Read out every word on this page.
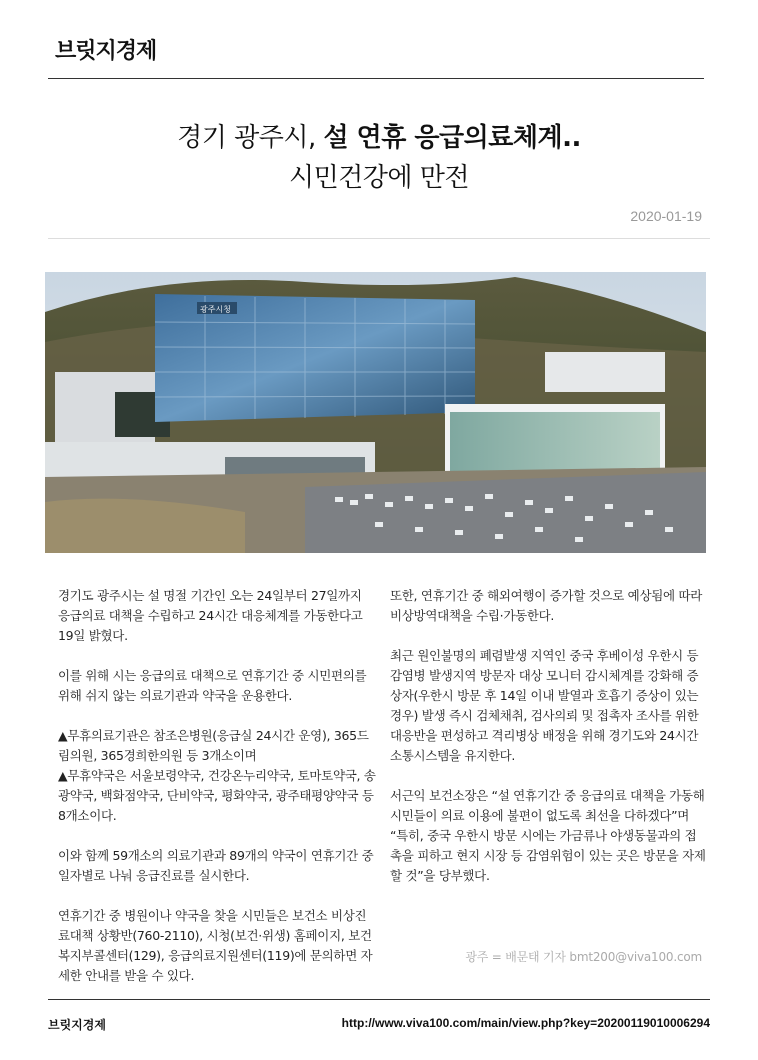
브릿지경제
경기 광주시, 설 연휴 응급의료체계..
시민건강에 만전
2020-01-19
광주시청

경기도 광주시는 설 명절 기간인 오는 24일부터 27일까지 응급의료 대책을 수립하고 24시간 대응체계를 가동한다고 19일 밝혔다.

이를 위해 시는 응급의료 대책으로 연휴기간 중 시민편의를 위해 쉬지 않는 의료기관과 약국을 운용한다.

▲무휴의료기관은 참조은병원(응급실 24시간 운영), 365드림의원, 365경희한의원 등 3개소이며

▲무휴약국은 서울보령약국, 건강온누리약국, 토마토약국, 송광약국, 백화점약국, 단비약국, 평화약국, 광주태평양약국 등 8개소이다.

이와 함께 59개소의 의료기관과 89개의 약국이 연휴기간 중 일자별로 나눠 응급진료를 실시한다.

연휴기간 중 병원이나 약국을 찾을 시민들은 보건소 비상진료대책 상황반(760-2110), 시청(보건·위생) 홈페이지, 보건복지부콜센터(129), 응급의료지원센터(119)에 문의하면 자세한 안내를 받을 수 있다.

또한, 연휴기간 중 해외여행이 증가할 것으로 예상됨에 따라 비상방역대책을 수립·가동한다.

최근 원인불명의 폐렴발생 지역인 중국 후베이성 우한시 등 감염병 발생지역 방문자 대상 모니터 감시체계를 강화해 증상자(우한시 방문 후 14일 이내 발열과 호흡기 증상이 있는 경우) 발생 즉시 검체채취, 검사의뢰 및 접촉자 조사를 위한 대응반을 편성하고 격리병상 배정을 위해 경기도와 24시간 소통시스템을 유지한다.

서근익 보건소장은 “설 연휴기간 중 응급의료 대책을 가동해 시민들이 의료 이용에 불편이 없도록 최선을 다하겠다”며 “특히, 중국 우한시 방문 시에는 가금류나 야생동물과의 접촉을 피하고 현지 시장 등 감염위험이 있는 곳은 방문을 자제할 것”을 당부했다.

광주 = 배문태 기자 bmt200@viva100.com
브릿지경제	http://www.viva100.com/main/view.php?key=20200119010006294
